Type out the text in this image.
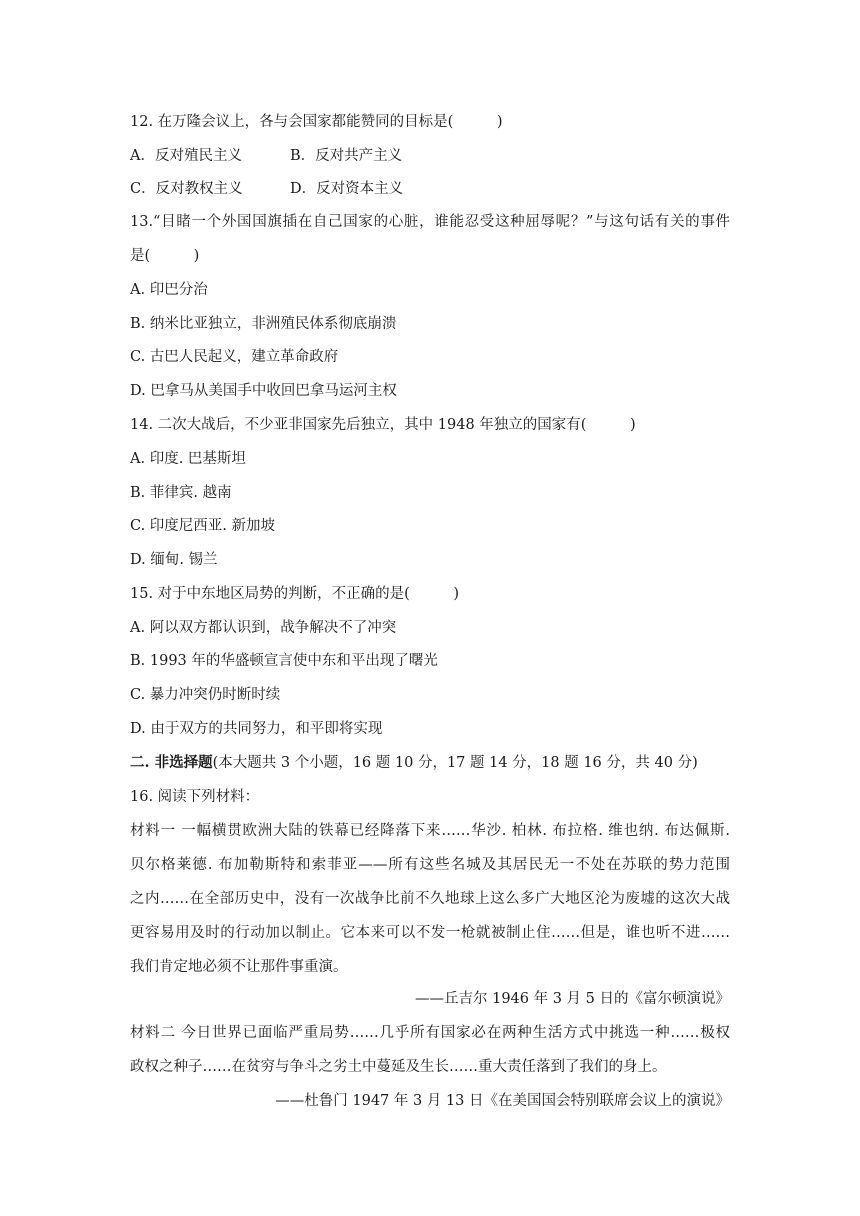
12. 在万隆会议上，各与会国家都能赞同的目标是(　　　)
A．反对殖民主义	B．反对共产主义
C．反对教权主义	D．反对资本主义
13.“目睹一个外国国旗插在自己国家的心脏，谁能忍受这种屈辱呢？”与这句话有关的事件
是(　　　)
A. 印巴分治
B. 纳米比亚独立，非洲殖民体系彻底崩溃
C. 古巴人民起义，建立革命政府
D. 巴拿马从美国手中收回巴拿马运河主权
14. 二次大战后，不少亚非国家先后独立，其中 1948 年独立的国家有(　　　)
A. 印度. 巴基斯坦
B. 菲律宾. 越南
C. 印度尼西亚. 新加坡
D. 缅甸. 锡兰
15. 对于中东地区局势的判断，不正确的是(　　　)
A. 阿以双方都认识到，战争解决不了冲突
B. 1993 年的华盛顿宣言使中东和平出现了曙光
C. 暴力冲突仍时断时续
D. 由于双方的共同努力，和平即将实现
二. 非选择题(本大题共 3 个小题，16 题 10 分，17 题 14 分，18 题 16 分，共 40 分)
16. 阅读下列材料：
材料一 一幅横贯欧洲大陆的铁幕已经降落下来……华沙. 柏林. 布拉格. 维也纳. 布达佩斯.
贝尔格莱德. 布加勒斯特和索菲亚——所有这些名城及其居民无一不处在苏联的势力范围
之内……在全部历史中，没有一次战争比前不久地球上这么多广大地区沦为废墟的这次大战
更容易用及时的行动加以制止。它本来可以不发一枪就被制止住……但是，谁也听不进……
我们肯定地必须不让那件事重演。
——丘吉尔 1946 年 3 月 5 日的《富尔顿演说》
材料二 今日世界已面临严重局势……几乎所有国家必在两种生活方式中挑选一种……极权
政权之种子……在贫穷与争斗之劣土中蔓延及生长……重大责任落到了我们的身上。
——杜鲁门 1947 年 3 月 13 日《在美国国会特别联席会议上的演说》
